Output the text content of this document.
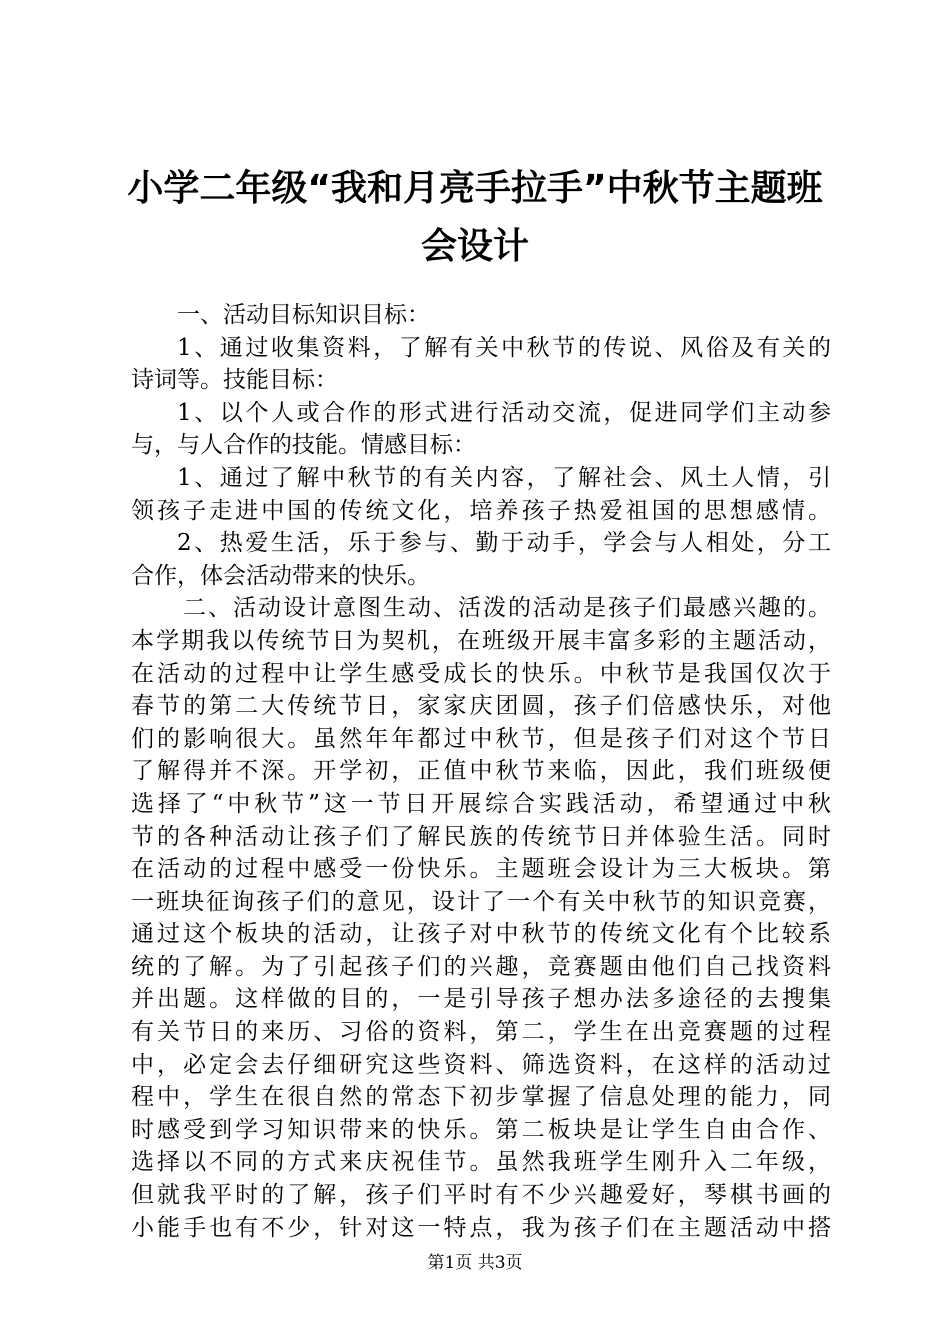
小学二年级“我和月亮手拉手”中秋节主题班
会设计
一、活动目标知识目标：
1、通过收集资料，了解有关中秋节的传说、风俗及有关的
诗词等。技能目标：
1、以个人或合作的形式进行活动交流，促进同学们主动参
与，与人合作的技能。情感目标：
1、通过了解中秋节的有关内容，了解社会、风土人情，引
领孩子走进中国的传统文化，培养孩子热爱祖国的思想感情。
2、热爱生活，乐于参与、勤于动手，学会与人相处，分工
合作，体会活动带来的快乐。
二、活动设计意图生动、活泼的活动是孩子们最感兴趣的。
本学期我以传统节日为契机，在班级开展丰富多彩的主题活动，
在活动的过程中让学生感受成长的快乐。中秋节是我国仅次于
春节的第二大传统节日，家家庆团圆，孩子们倍感快乐，对他
们的影响很大。虽然年年都过中秋节，但是孩子们对这个节日
了解得并不深。开学初，正值中秋节来临，因此，我们班级便
选择了“中秋节”这一节日开展综合实践活动，希望通过中秋
节的各种活动让孩子们了解民族的传统节日并体验生活。同时
在活动的过程中感受一份快乐。主题班会设计为三大板块。第
一班块征询孩子们的意见，设计了一个有关中秋节的知识竞赛，
通过这个板块的活动，让孩子对中秋节的传统文化有个比较系
统的了解。为了引起孩子们的兴趣，竞赛题由他们自己找资料
并出题。这样做的目的，一是引导孩子想办法多途径的去搜集
有关节日的来历、习俗的资料，第二，学生在出竞赛题的过程
中，必定会去仔细研究这些资料、筛选资料，在这样的活动过
程中，学生在很自然的常态下初步掌握了信息处理的能力，同
时感受到学习知识带来的快乐。第二板块是让学生自由合作、
选择以不同的方式来庆祝佳节。虽然我班学生刚升入二年级，
但就我平时的了解，孩子们平时有不少兴趣爱好，琴棋书画的
小能手也有不少，针对这一特点，我为孩子们在主题活动中搭
第1页 共3页
